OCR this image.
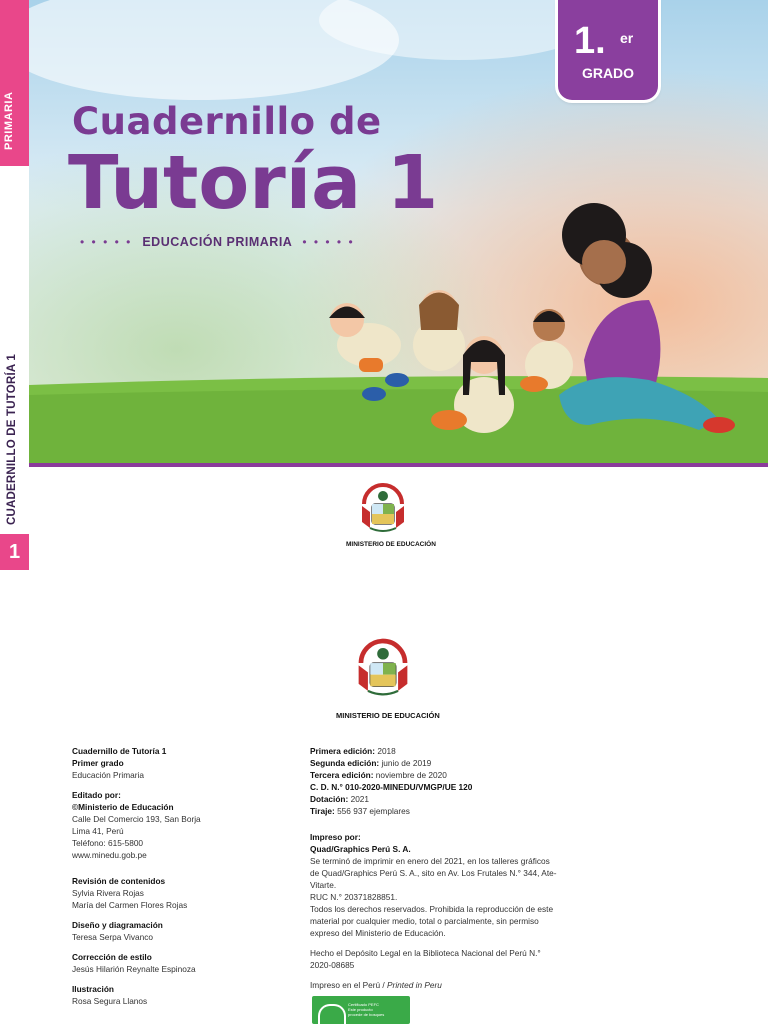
PRIMARIA
CUADERNILLO DE TUTORÍA 1
1
Cuadernillo de
Tutoría 1
• • • • • EDUCACIÓN PRIMARIA • • • • •
1. er
GRADO
MINISTERIO DE EDUCACIÓN
MINISTERIO DE EDUCACIÓN
Cuadernillo de Tutoría 1
Primer grado
Educación Primaria
Editado por:
©Ministerio de Educación
Calle Del Comercio 193, San Borja
Lima 41, Perú
Teléfono: 615-5800
www.minedu.gob.pe
Revisión de contenidos
Sylvia Rivera Rojas
María del Carmen Flores Rojas
Diseño y diagramación
Teresa Serpa Vivanco
Corrección de estilo
Jesús Hilarión Reynalte Espinoza
Ilustración
Rosa Segura Llanos
Primera edición: 2018
Segunda edición: junio de 2019
Tercera edición: noviembre de 2020
C. D. N.° 010-2020-MINEDU/VMGP/UE 120
Dotación: 2021
Tiraje: 556 937 ejemplares
Impreso por:
Quad/Graphics Perú S. A.
Se terminó de imprimir en enero del 2021, en los talleres gráficos de Quad/Graphics Perú S. A., sito en Av. Los Frutales N.° 344, Ate-Vitarte.
RUC N.° 20371828851.
Todos los derechos reservados. Prohibida la reproducción de este material por cualquier medio, total o parcialmente, sin permiso expreso del Ministerio de Educación.
Hecho el Depósito Legal en la Biblioteca Nacional del Perú N.° 2020-08685
Impreso en el Perú / Printed in Peru
Certificado PEFC
Este producto
procede de bosques
